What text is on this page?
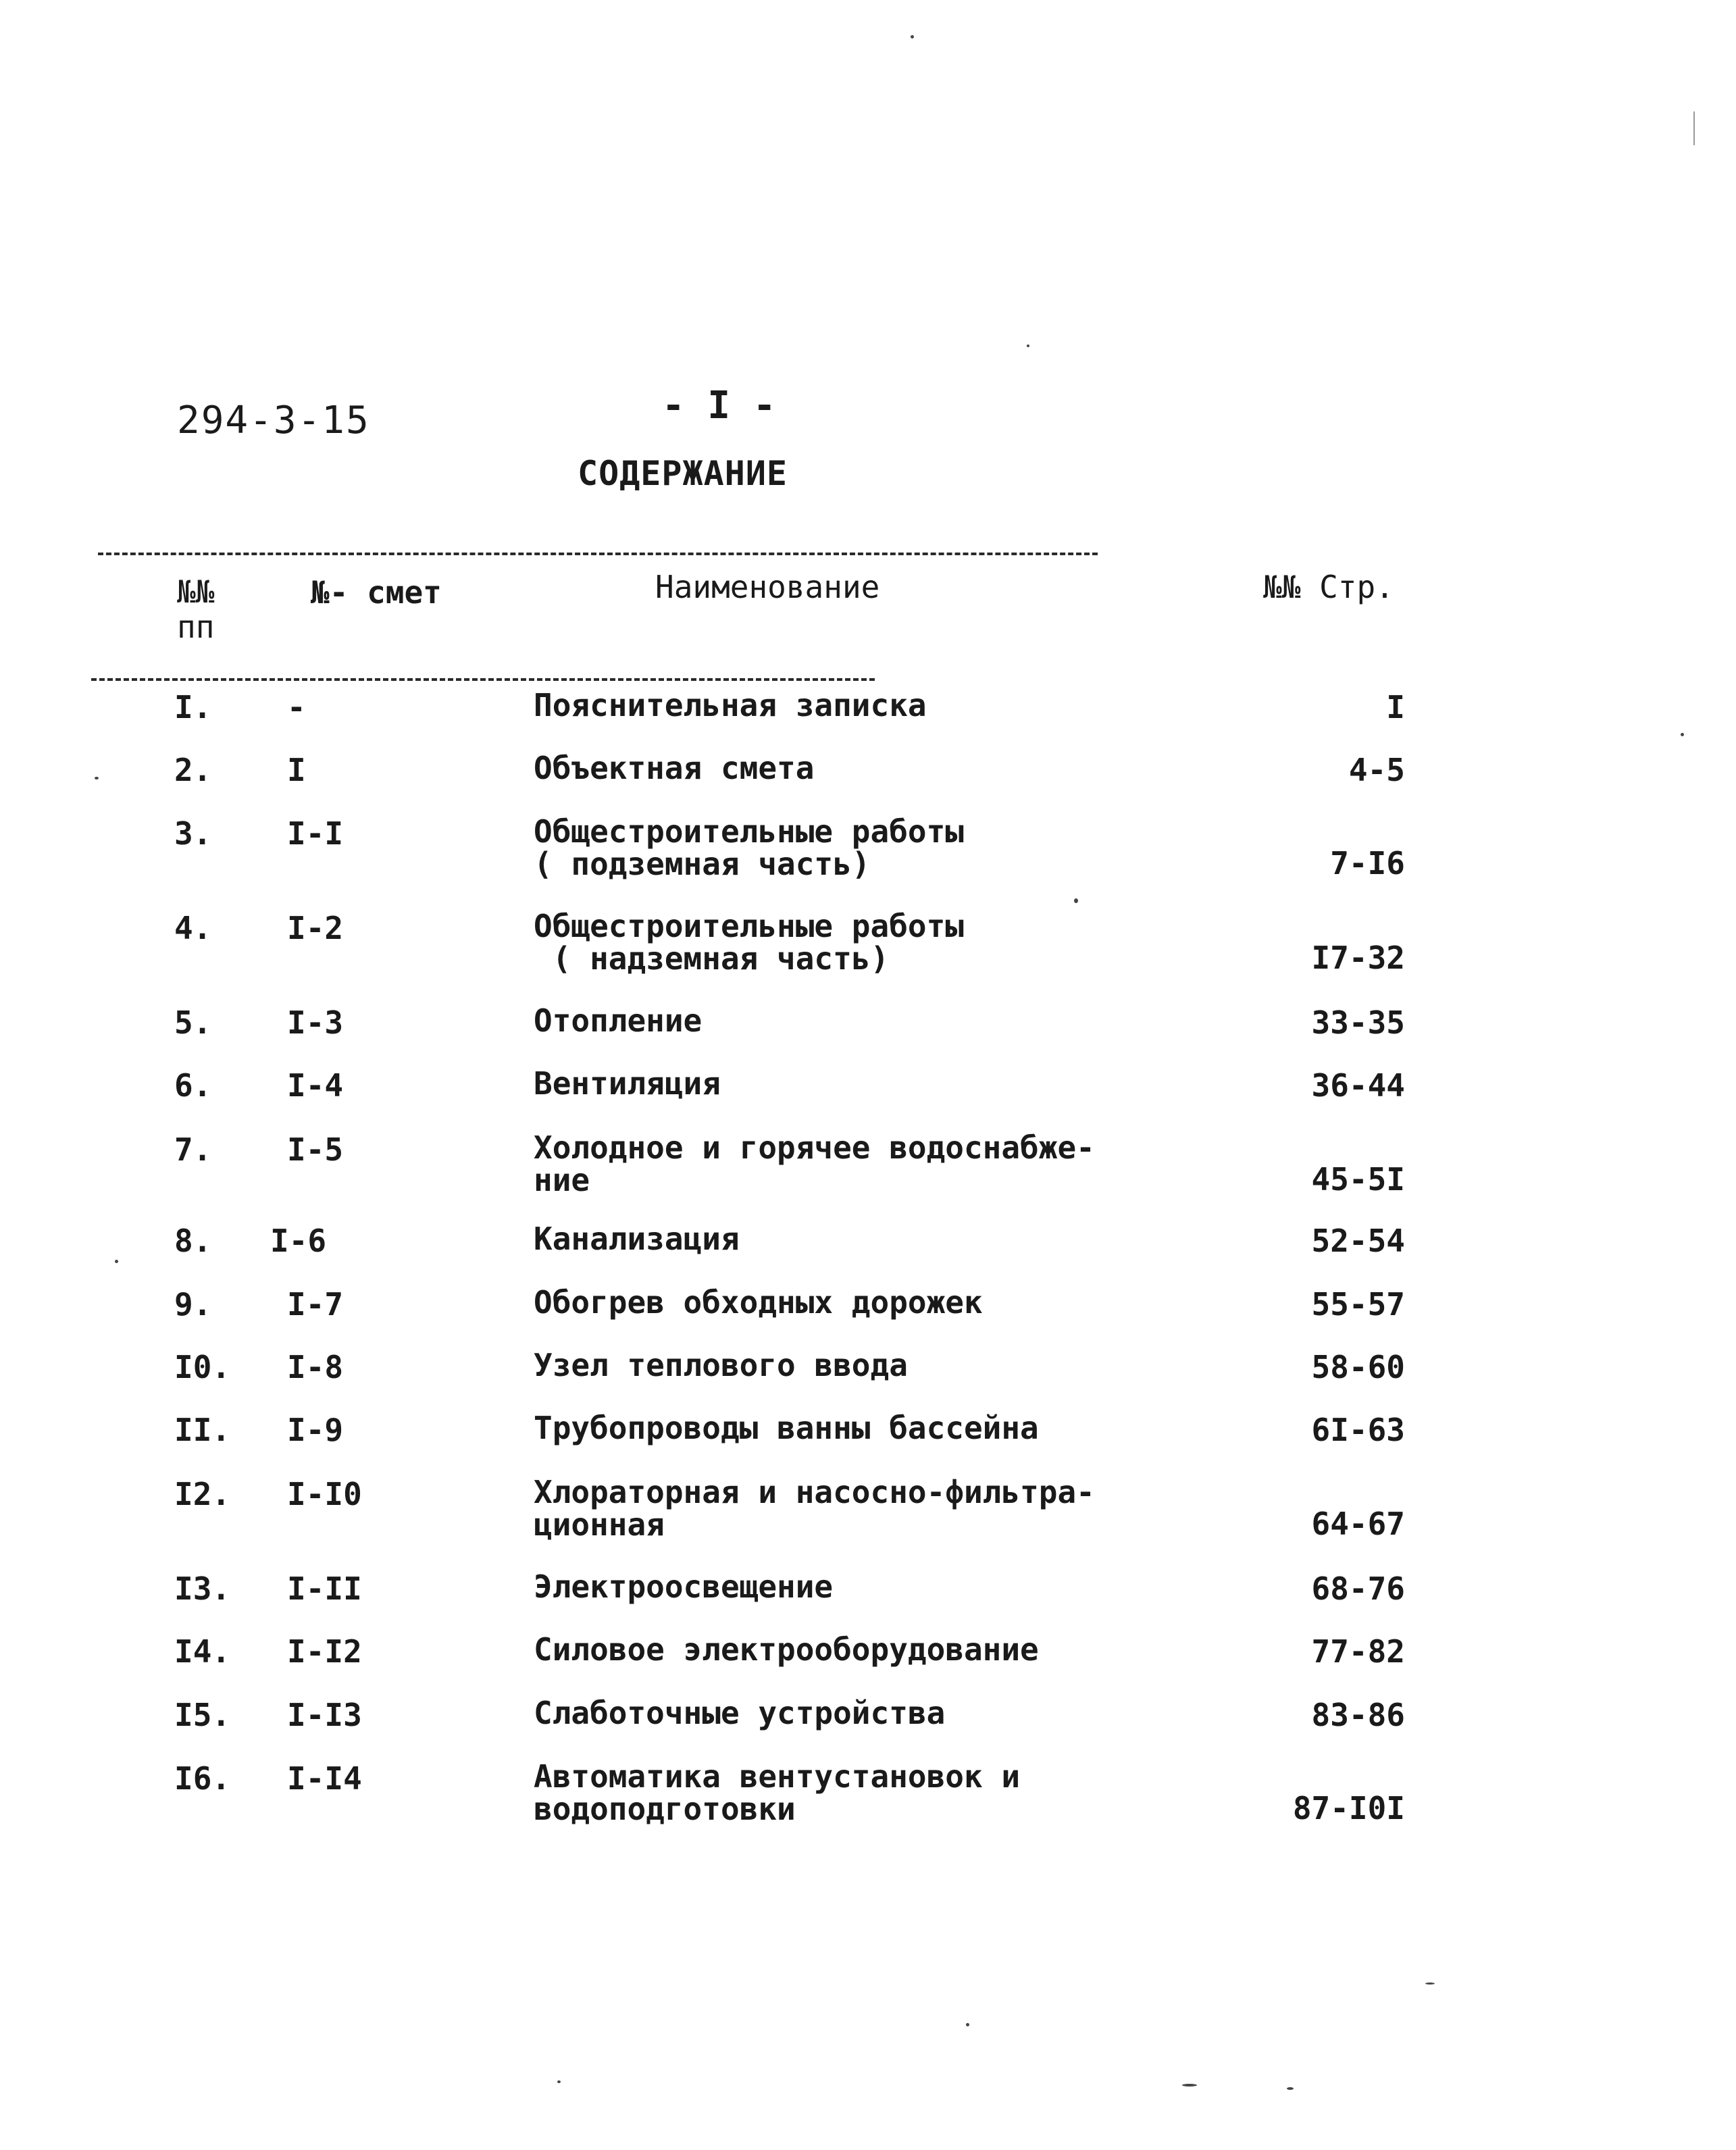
294-3-15	- I -
СОДЕРЖАНИЕ
№№
пп
№- смет	Наименование	№№ Стр.
I. -	Пояснительная записка	I
2. I	Объектная смета	4-5
3. I-I	Общестроительные работы
( подземная часть)	7-I6
4. I-2	Общестроительные работы
( надземная часть)	I7-32
5. I-3	Отопление	33-35
6. I-4	Вентиляция	36-44
7. I-5	Холодное и горячее водоснабже-
ние	45-5I
8. I-6	Канализация	52-54
9. I-7	Обогрев обходных дорожек	55-57
I0. I-8	Узел теплового ввода	58-60
II. I-9	Трубопроводы ванны бассейна	6I-63
I2. I-I0	Хлораторная и насосно-фильтра-
ционная	64-67
I3. I-II	Электроосвещение	68-76
I4. I-I2	Силовое электрооборудование	77-82
I5. I-I3	Слаботочные устройства	83-86
I6. I-I4	Автоматика вентустановок и
водоподготовки	87-I0I
